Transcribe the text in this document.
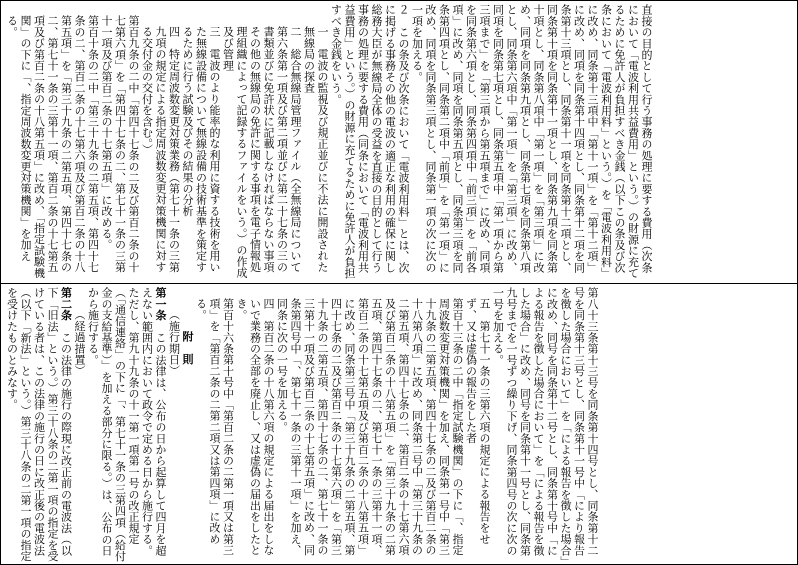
直接の目的として行う事務の処理に要する費用（次条において「電波利用共益費用」という。）の財源に充てるために免許人が負担すべき金銭（以下この条及び次条において「電波利用料」という。）を「電波利用料」に改め、同条第十三項中「第十一項」を「第十二項」に改め、同項を同条第十四項とし、同条第十二項を同条第十三項とし、同条第十一項を同条第十二項とし、同条第十項を同条第十一項とし、同条第九項を同条第十項とし、同条第八項中「第一項」を「第三項」に改め、同項を同条第九項とし、同条第七項を同条第八項とし、同条第六項中「第一項」を「第三項」に改め、同項を同条第七項とし、同条第五項中「第一項から第三項まで」を「第三項から第五項まで」に改め、同項を同条第六項とし、同条第四項中「前三項」を「前各項」に改め、同項を同条第五項とし、同条第三項を同条第四項とし、同条第二項中「前項」を「第一項」に改め、同項を同条第三項とし、同条第一項の次に次の一項を加える。

２　この条及び次条において「電波利用料」とは、次に掲げる事務その他の電波の適正な利用の確保に関し総務大臣が無線局全体の受益を直接の目的として行う事務の処理に要する費用（同条において「電波利用共益費用」という。）の財源に充てるために免許人が負担すべき金銭をいう。

一　電波の監視及び規正並びに不法に開設された無線局の探査

二　総合無線局管理ファイル（全無線局について第六条第一項及び第二項並びに第二十七条の三の書類並びに免許状に記載しなければならない事項その他の無線局の免許に関する事項を電子情報処理組織によって記録するファイルをいう。）の作成及び管理

三　電波のより能率的な利用に資する技術を用いた無線設備について無線設備の技術基準を策定するために行う試験及びその結果の分析

四　特定周波数変更対策業務（第七十一条の三第九項の規定による指定周波数変更対策機関に対する交付金の交付を含む。）

第百九条の二中「第四十七条の二及び第百二条の十七第六項」を「第四十七条の二、第七十一条の三第十一項及び第百二条の十七第五項」に改める。

第百十条の二中「第三十九条の二第五項、第四十七条の二、第百二条の十七第六項及び第百二条の十八第五項」を「第三十九条の二第五項、第四十七条の二、第七十一条の三第十一項、第百二条の十七第五項及び第百二条の十八第五項」に改め、「指定試験機関」の下に「、指定周波数変更対策機関」を加える。

第八十三条第十三号を同条第十四号とし、同条第十二号を同条第十三号とし、同条第十一号中「により報告を徴した場合において」を「による報告を徴した場合」に改め、同号を同条第十二号とし、同条第十号中「による報告を徴した場合において」を「による報告を徴した場合」に改め、同号を同条第十一号とし、同条第九号までを一号ずつ繰り下げ、同条第四号の次に次の一号を加える。

五　第七十一条の三第六項の規定による報告をせず、又は虚偽の報告をした者

第百十三条の二中「指定試験機関」の下に「、指定周波数変更対策機関」を加え、同条第一号中「第三十九条の二第五項、第四十七条の二及び第百二条の十八第八項」に改め、同条第二号中「第三十九条の二第五項、第四十七条の二、第百二条の十七第六項及び第百二条の十八第五項」を「第三十九条の二第五項、第四十七条の二、第七十一条の三第十一項、第百二条の十七第五項及び第百二条の十八第五項」に改め、同条第三号中「第三十九条の二第五項、第四十七条の二及び第百二条の十七第六項」を「第三十九条の二第五項、第四十七条の二、第七十一条の三第十一項及び第百二条の十七第五項」に改め、同条第四号中「、第七十一条の三第十一項」を加え、同条に次の一号を加える。

四　第百二条の十八第六項の規定による届出をしないで業務の全部を廃止し、又は虚偽の届出をしたとき。

第百十六条第十号中「第百二条の二第一項又は第三項」を「第百二条の二第二項又は第四項」に改める。

附　則

（施行期日）

第一条　この法律は、公布の日から起算して四月を超えない範囲内において政令で定める日から施行する。ただし、第九十九条の十一第一項第一号の改正規定（「通信連絡」の下に「、第七十一条の三第四項（給付金の支給基準）」を加える部分に限る。）は、公布の日から施行する。

（経過措置）

第二条　この法律の施行の際現に改正前の電波法（以下「旧法」という。）第三十八条の二第一項の指定を受けている者は、この法律の施行の日に改正後の電波法（以下「新法」という。）第三十八条の二第一項の指定を受けたものとみなす。
